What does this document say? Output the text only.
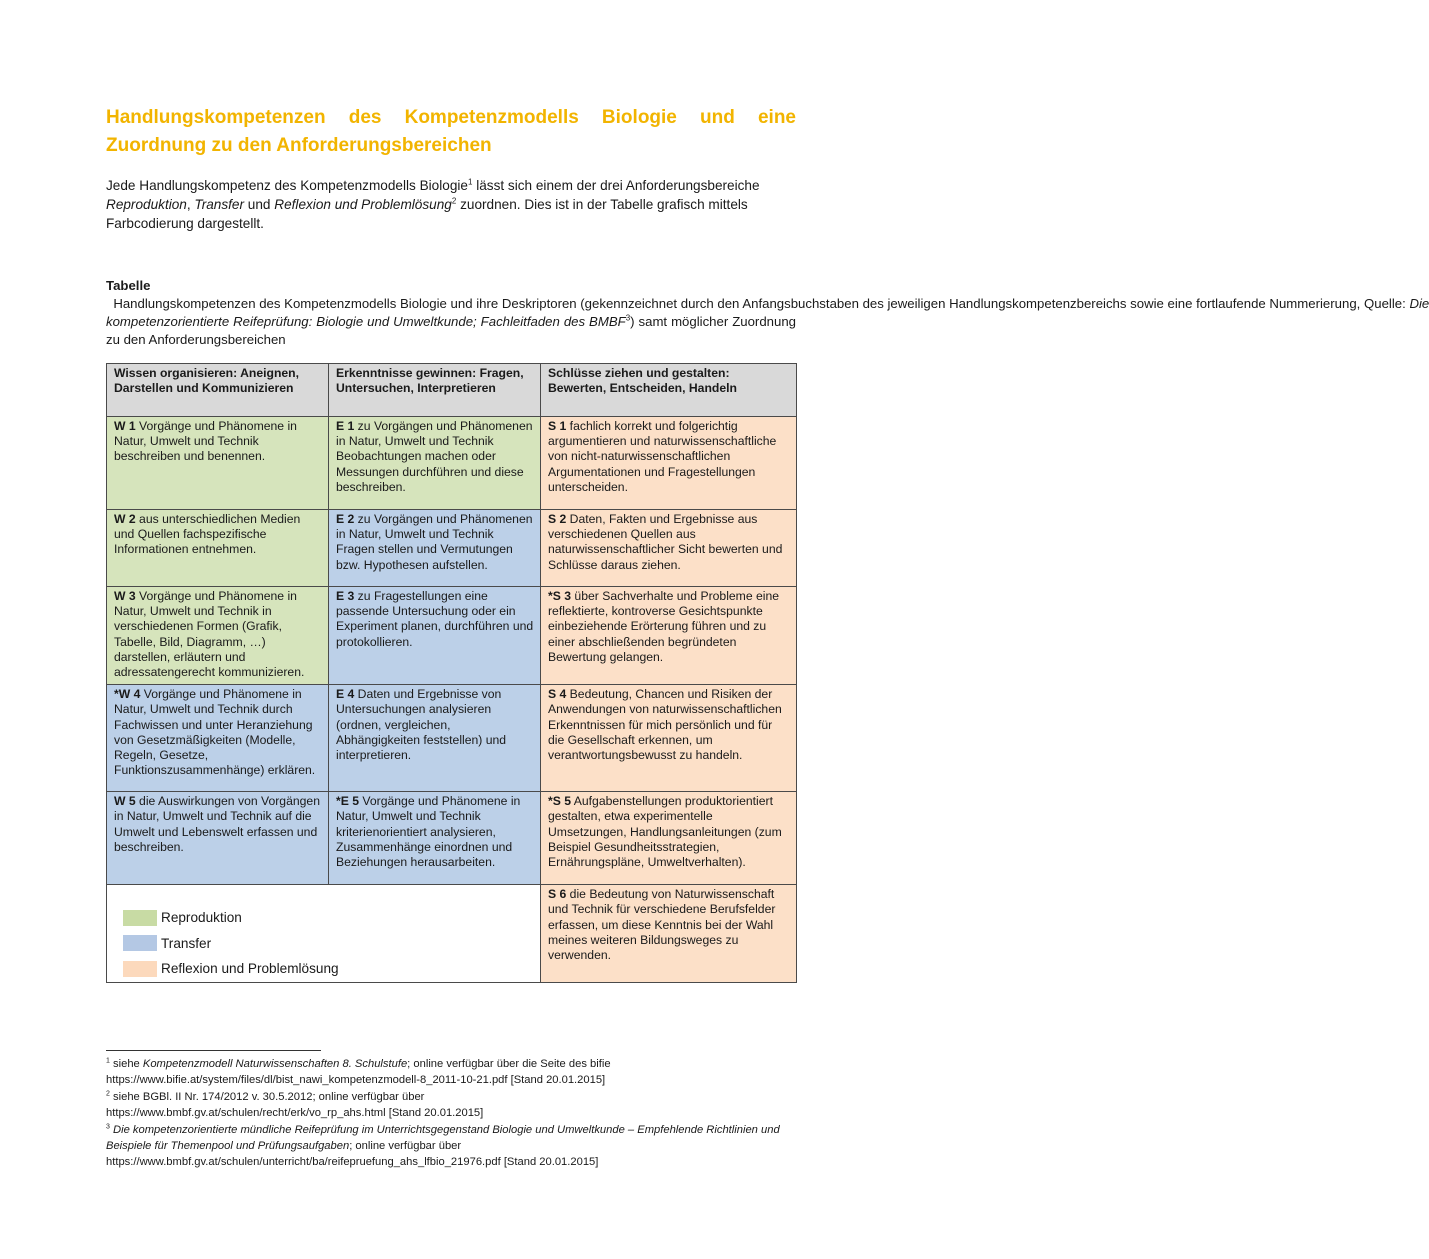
Handlungskompetenzen des Kompetenzmodells Biologie und eine Zuordnung zu den Anforderungsbereichen

Jede Handlungskompetenz des Kompetenzmodells Biologie$^1$ lässt sich einem der drei Anforderungsbereiche Reproduktion, Transfer und Reflexion und Problemlösung$^2$ zuordnen. Dies ist in der Tabelle grafisch mittels Farbcodierung dargestellt.

Tabelle  Handlungskompetenzen des Kompetenzmodells Biologie und ihre Deskriptoren (gekennzeichnet durch den Anfangsbuchstaben des jeweiligen Handlungskompetenzbereichs sowie eine fortlaufende Nummerierung, Quelle: Die kompetenzorientierte Reifeprüfung: Biologie und Umweltkunde; Fachleitfaden des BMBF$^3$) samt möglicher Zuordnung zu den Anforderungsbereichen

Wissen organisieren: Aneignen, Darstellen und Kommunizieren	Erkenntnisse gewinnen: Fragen, Untersuchen, Interpretieren	Schlüsse ziehen und gestalten: Bewerten, Entscheiden, Handeln
W 1 Vorgänge und Phänomene in Natur, Umwelt und Technik beschreiben und benennen.	E 1 zu Vorgängen und Phänomenen in Natur, Umwelt und Technik Beobachtungen machen oder Messungen durchführen und diese beschreiben.	S 1 fachlich korrekt und folgerichtig argumentieren und naturwissenschaftliche von nicht-naturwissenschaftlichen Argumentationen und Fragestellungen unterscheiden.
W 2 aus unterschiedlichen Medien und Quellen fachspezifische Informationen entnehmen.	E 2 zu Vorgängen und Phänomenen in Natur, Umwelt und Technik Fragen stellen und Vermutungen bzw. Hypothesen aufstellen.	S 2 Daten, Fakten und Ergebnisse aus verschiedenen Quellen aus naturwissenschaftlicher Sicht bewerten und Schlüsse daraus ziehen.
W 3 Vorgänge und Phänomene in Natur, Umwelt und Technik in verschiedenen Formen (Grafik, Tabelle, Bild, Diagramm, …) darstellen, erläutern und adressatengerecht kommunizieren.	E 3 zu Fragestellungen eine passende Untersuchung oder ein Experiment planen, durchführen und protokollieren.	*S 3 über Sachverhalte und Probleme eine reflektierte, kontroverse Gesichtspunkte einbeziehende Erörterung führen und zu einer abschließenden begründeten Bewertung gelangen.
*W 4 Vorgänge und Phänomene in Natur, Umwelt und Technik durch Fachwissen und unter Heranziehung von Gesetzmäßigkeiten (Modelle, Regeln, Gesetze, Funktionszusammenhänge) erklären.	E 4 Daten und Ergebnisse von Untersuchungen analysieren (ordnen, vergleichen, Abhängigkeiten feststellen) und interpretieren.	S 4 Bedeutung, Chancen und Risiken der Anwendungen von naturwissenschaftlichen Erkenntnissen für mich persönlich und für die Gesellschaft erkennen, um verantwortungsbewusst zu handeln.
W 5 die Auswirkungen von Vorgängen in Natur, Umwelt und Technik auf die Umwelt und Lebenswelt erfassen und beschreiben.	*E 5 Vorgänge und Phänomene in Natur, Umwelt und Technik kriterienorientiert analysieren, Zusammenhänge einordnen und Beziehungen herausarbeiten.	*S 5 Aufgabenstellungen produktorientiert gestalten, etwa experimentelle Umsetzungen, Handlungsanleitungen (zum Beispiel Gesundheitsstrategien, Ernährungspläne, Umweltverhalten).

Reproduktion
Transfer
Reflexion und Problemlösung		S 6 die Bedeutung von Naturwissenschaft und Technik für verschiedene Berufsfelder erfassen, um diese Kenntnis bei der Wahl meines weiteren Bildungsweges zu verwenden.

$^1$ siehe Kompetenzmodell Naturwissenschaften 8. Schulstufe; online verfügbar über die Seite des bifie

https://www.bifie.at/system/files/dl/bist_nawi_kompetenzmodell-8_2011-10-21.pdf [Stand 20.01.2015]

$^2$ siehe BGBl. II Nr. 174/2012 v. 30.5.2012; online verfügbar über

https://www.bmbf.gv.at/schulen/recht/erk/vo_rp_ahs.html [Stand 20.01.2015]

$^3$ Die kompetenzorientierte mündliche Reifeprüfung im Unterrichtsgegenstand Biologie und Umweltkunde – Empfehlende Richtlinien und Beispiele für Themenpool und Prüfungsaufgaben; online verfügbar über

https://www.bmbf.gv.at/schulen/unterricht/ba/reifepruefung_ahs_lfbio_21976.pdf [Stand 20.01.2015]
